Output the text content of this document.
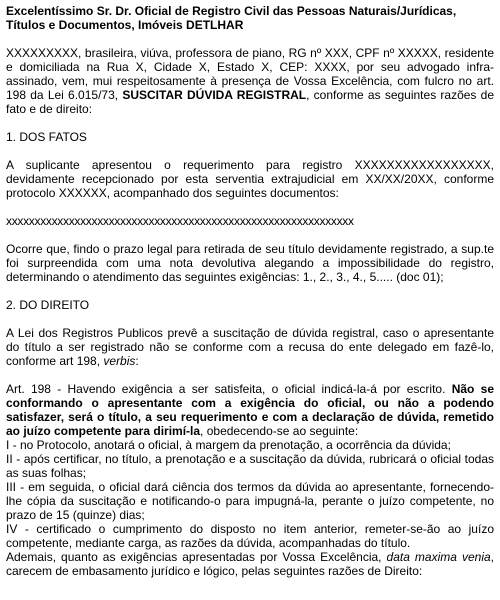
Excelentíssimo Sr. Dr. Oficial de Registro Civil das Pessoas Naturais/Jurídicas, Títulos e Documentos, Imóveis DETLHAR
XXXXXXXXX, brasileira, viúva, professora de piano, RG nº XXX, CPF nº XXXXX, residente e domiciliada na Rua X, Cidade X, Estado X, CEP: XXXX, por seu advogado infra-assinado, vem, mui respeitosamente à presença de Vossa Excelência, com fulcro no art. 198 da Lei 6.015/73, SUSCITAR DÚVIDA REGISTRAL, conforme as seguintes razões de fato e de direito:
1. DOS FATOS
A suplicante apresentou o requerimento para registro XXXXXXXXXXXXXXXXX, devidamente recepcionado por esta serventia extrajudicial em XX/XX/20XX, conforme protocolo XXXXXX, acompanhado dos seguintes documentos:
xxxxxxxxxxxxxxxxxxxxxxxxxxxxxxxxxxxxxxxxxxxxxxxxxxxxxxxxxxxxx
Ocorre que, findo o prazo legal para retirada de seu título devidamente registrado, a sup.te foi surpreendida com uma nota devolutiva alegando a impossibilidade do registro, determinando o atendimento das seguintes exigências: 1., 2., 3., 4., 5..... (doc 01);
2. DO DIREITO
A Lei dos Registros Publicos prevê a suscitação de dúvida registral, caso o apresentante do título a ser registrado não se conforme com a recusa do ente delegado em fazê-lo, conforme art 198, verbis:
Art. 198 - Havendo exigência a ser satisfeita, o oficial indicá-la-á por escrito. Não se conformando o apresentante com a exigência do oficial, ou não a podendo satisfazer, será o título, a seu requerimento e com a declaração de dúvida, remetido ao juízo competente para dirimí-la, obedecendo-se ao seguinte:
I - no Protocolo, anotará o oficial, à margem da prenotação, a ocorrência da dúvida;
II - após certificar, no título, a prenotação e a suscitação da dúvida, rubricará o oficial todas as suas folhas;
III - em seguida, o oficial dará ciência dos termos da dúvida ao apresentante, fornecendo-lhe cópia da suscitação e notificando-o para impugná-la, perante o juízo competente, no prazo de 15 (quinze) dias;
IV - certificado o cumprimento do disposto no item anterior, remeter-se-ão ao juízo competente, mediante carga, as razões da dúvida, acompanhadas do título.
Ademais, quanto as exigências apresentadas por Vossa Excelência, data maxima venia, carecem de embasamento jurídico e lógico, pelas seguintes razões de Direito:
